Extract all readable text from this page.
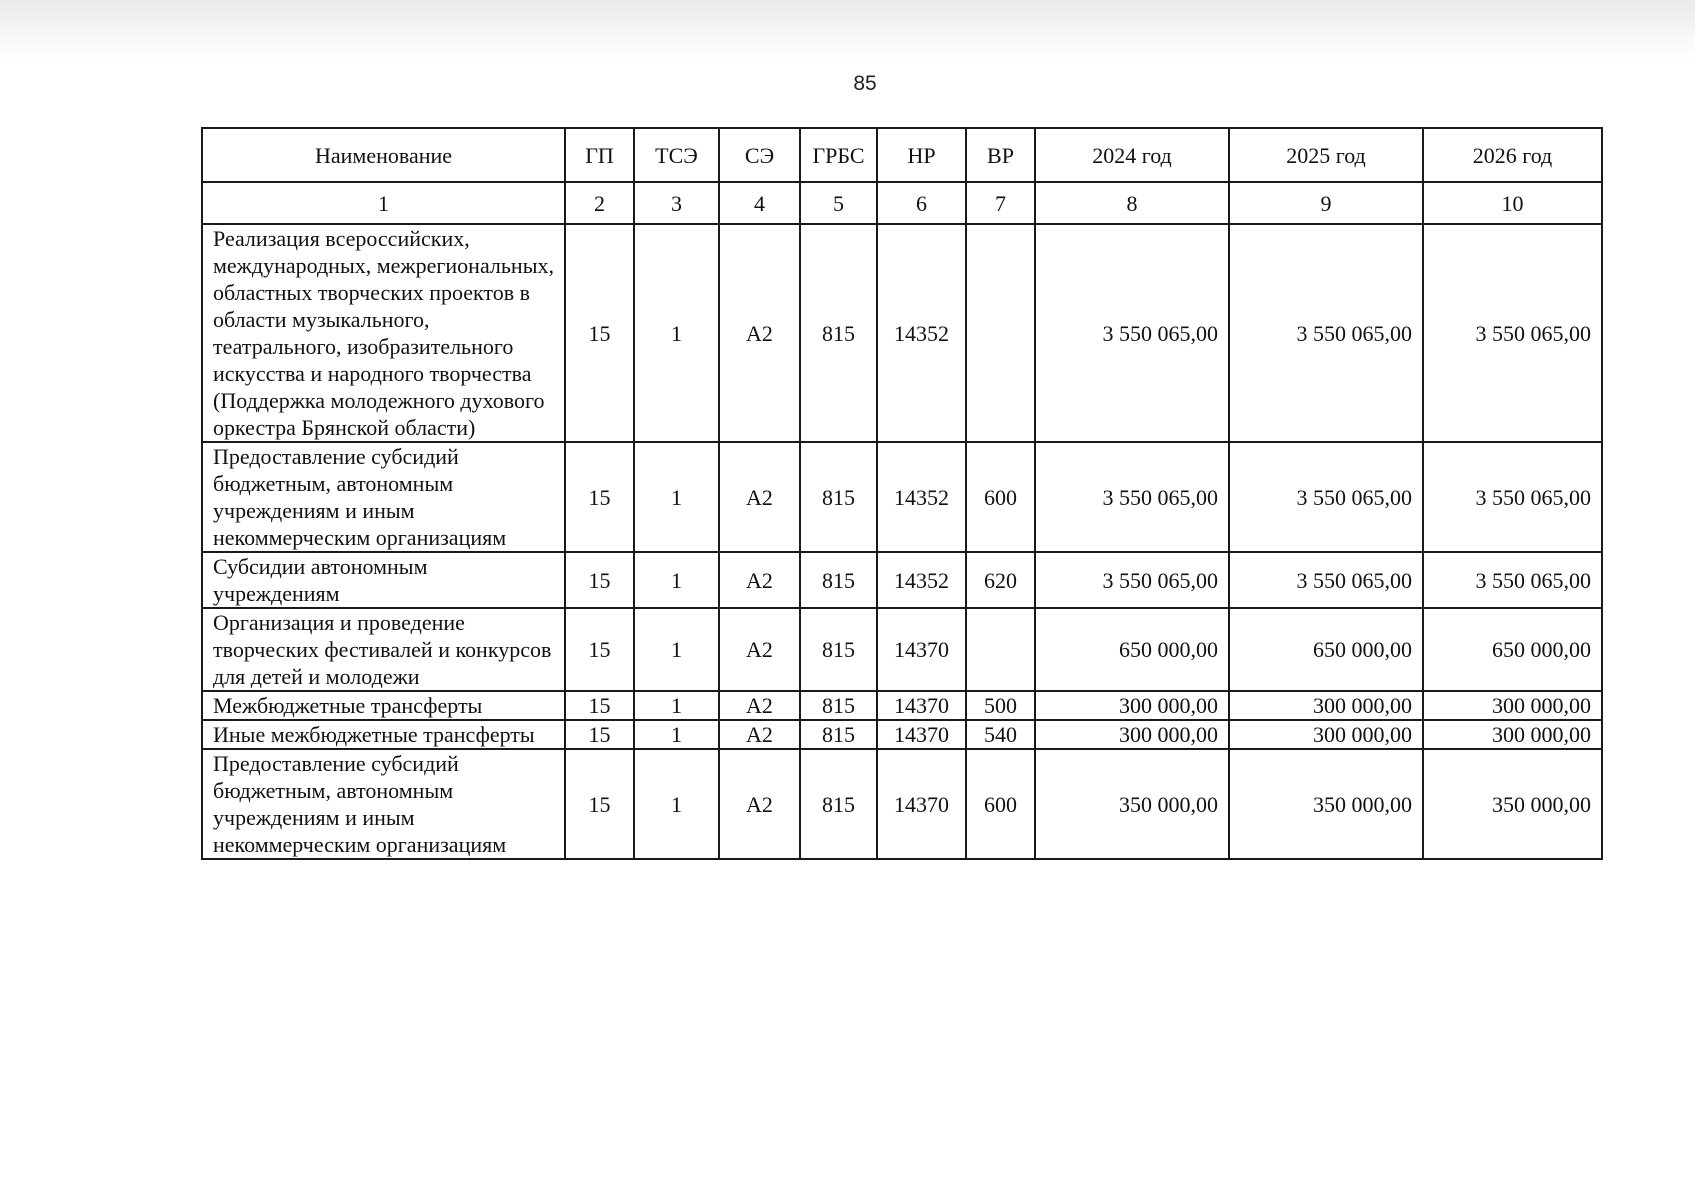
85
Наименование	ГП	ТСЭ	СЭ	ГРБС	НР	ВР	2024 год	2025 год	2026 год
1	2	3	4	5	6	7	8	9	10
Реализация всероссийских, международных, межрегиональных, областных творческих проектов в области музыкального, театрального, изобразительного искусства и народного творчества (Поддержка молодежного духового оркестра Брянской области)	15	1	А2	815	14352		3 550 065,00	3 550 065,00	3 550 065,00
Предоставление субсидий бюджетным, автономным учреждениям и иным некоммерческим организациям	15	1	А2	815	14352	600	3 550 065,00	3 550 065,00	3 550 065,00
Субсидии автономным учреждениям	15	1	А2	815	14352	620	3 550 065,00	3 550 065,00	3 550 065,00
Организация и проведение творческих фестивалей и конкурсов для детей и молодежи	15	1	А2	815	14370		650 000,00	650 000,00	650 000,00
Межбюджетные трансферты	15	1	А2	815	14370	500	300 000,00	300 000,00	300 000,00
Иные межбюджетные трансферты	15	1	А2	815	14370	540	300 000,00	300 000,00	300 000,00
Предоставление субсидий бюджетным, автономным учреждениям и иным некоммерческим организациям	15	1	А2	815	14370	600	350 000,00	350 000,00	350 000,00
